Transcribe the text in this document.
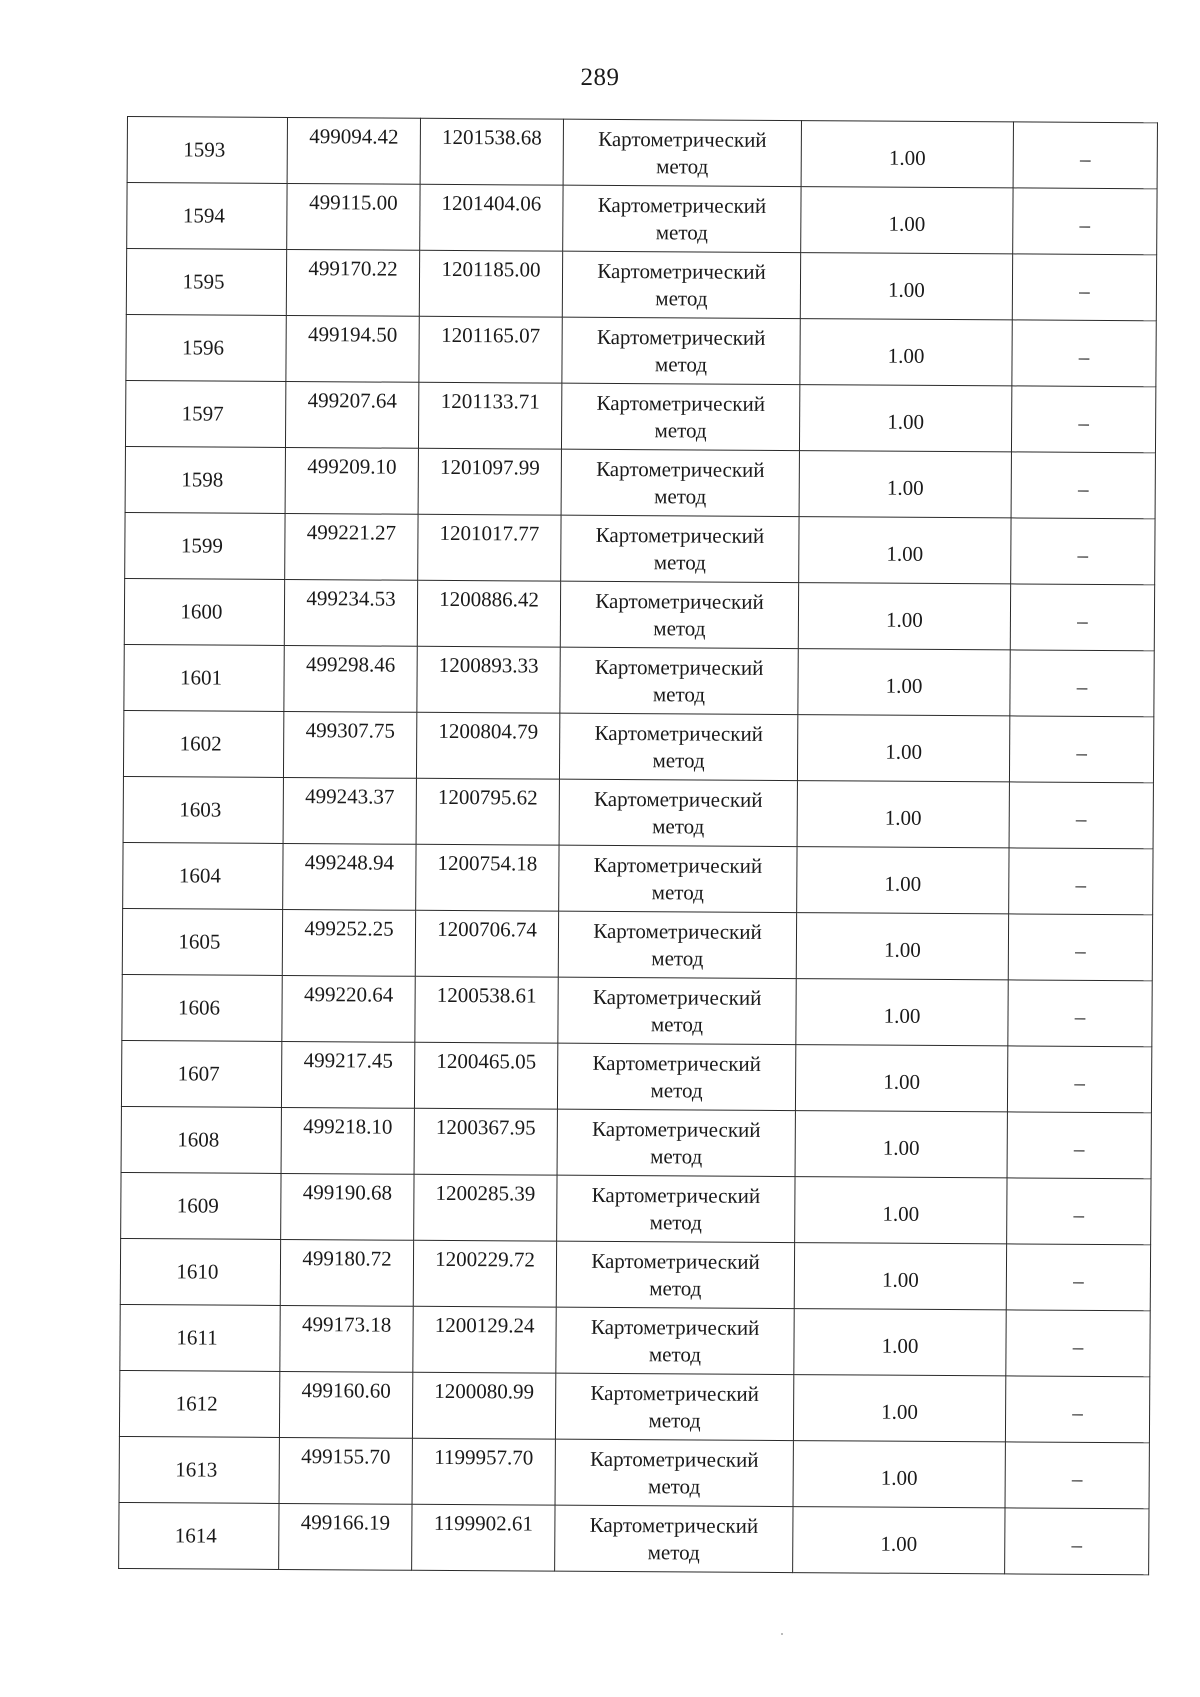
289
1593	499094.42	1201538.68	Картометрический
метод	1.00	–
1594	499115.00	1201404.06	Картометрический
метод	1.00	–
1595	499170.22	1201185.00	Картометрический
метод	1.00	–
1596	499194.50	1201165.07	Картометрический
метод	1.00	–
1597	499207.64	1201133.71	Картометрический
метод	1.00	–
1598	499209.10	1201097.99	Картометрический
метод	1.00	–
1599	499221.27	1201017.77	Картометрический
метод	1.00	–
1600	499234.53	1200886.42	Картометрический
метод	1.00	–
1601	499298.46	1200893.33	Картометрический
метод	1.00	–
1602	499307.75	1200804.79	Картометрический
метод	1.00	–
1603	499243.37	1200795.62	Картометрический
метод	1.00	–
1604	499248.94	1200754.18	Картометрический
метод	1.00	–
1605	499252.25	1200706.74	Картометрический
метод	1.00	–
1606	499220.64	1200538.61	Картометрический
метод	1.00	–
1607	499217.45	1200465.05	Картометрический
метод	1.00	–
1608	499218.10	1200367.95	Картометрический
метод	1.00	–
1609	499190.68	1200285.39	Картометрический
метод	1.00	–
1610	499180.72	1200229.72	Картометрический
метод	1.00	–
1611	499173.18	1200129.24	Картометрический
метод	1.00	–
1612	499160.60	1200080.99	Картометрический
метод	1.00	–
1613	499155.70	1199957.70	Картометрический
метод	1.00	–
1614	499166.19	1199902.61	Картометрический
метод	1.00	–
